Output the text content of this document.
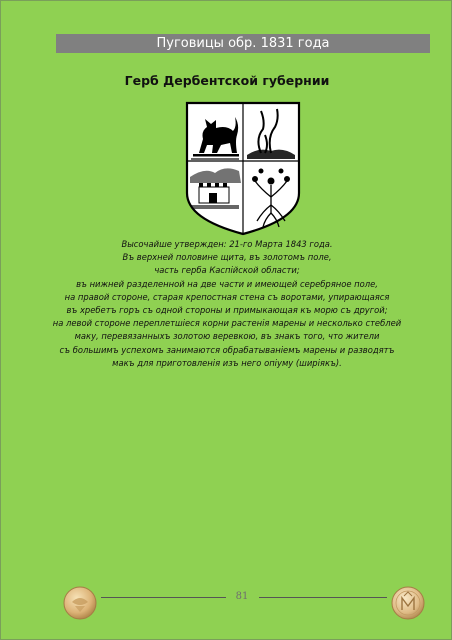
Пуговицы обр. 1831 года
Герб Дербентской губернии
Высочайше утвержден: 21-го Марта 1843 года.
Въ верхней половине щита, въ золотомъ поле,
часть герба Каспiйской области;
въ нижней разделенной на две части и имеющей серебряное поле,
на правой стороне, старая крепостная стена съ воротами, упирающаяся
въ хребетъ горъ съ одной стороны и примыкающая къ морю съ другой;
на левой стороне переплетшiеся корни растенiя марены и несколько стеблей
маку, перевязанныхъ золотою веревкою, въ знакъ того, что жители
съ большимъ успехомъ занимаются обрабатыванiемъ марены и разводятъ
макъ для приготовленiя изъ него опiуму (ширiякъ).
81
